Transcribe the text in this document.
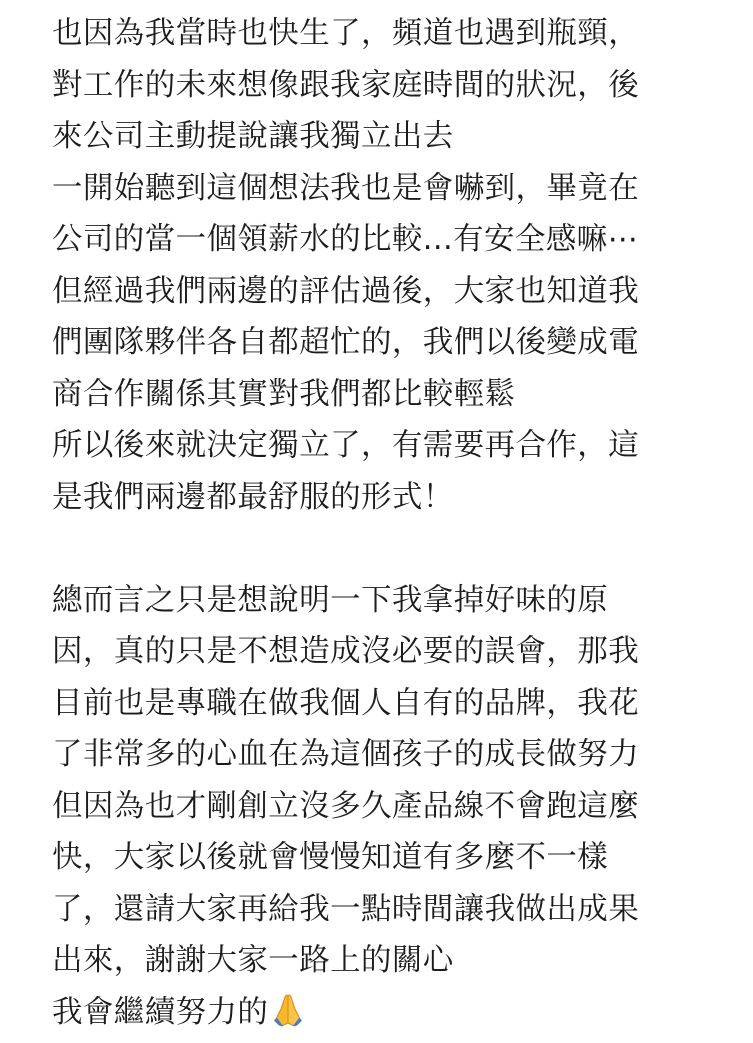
也因為我當時也快生了，頻道也遇到瓶頸，
對工作的未來想像跟我家庭時間的狀況，後
來公司主動提說讓我獨立出去
一開始聽到這個想法我也是會嚇到，畢竟在
公司的當一個領薪水的比較...有安全感嘛⋯
但經過我們兩邊的評估過後，大家也知道我
們團隊夥伴各自都超忙的，我們以後變成電
商合作關係其實對我們都比較輕鬆
所以後來就決定獨立了，有需要再合作，這
是我們兩邊都最舒服的形式！
總而言之只是想說明一下我拿掉好味的原
因，真的只是不想造成沒必要的誤會，那我
目前也是專職在做我個人自有的品牌，我花
了非常多的心血在為這個孩子的成長做努力
但因為也才剛創立沒多久產品線不會跑這麼
快，大家以後就會慢慢知道有多麼不一樣
了，還請大家再給我一點時間讓我做出成果
出來，謝謝大家一路上的關心
我會繼續努力的
